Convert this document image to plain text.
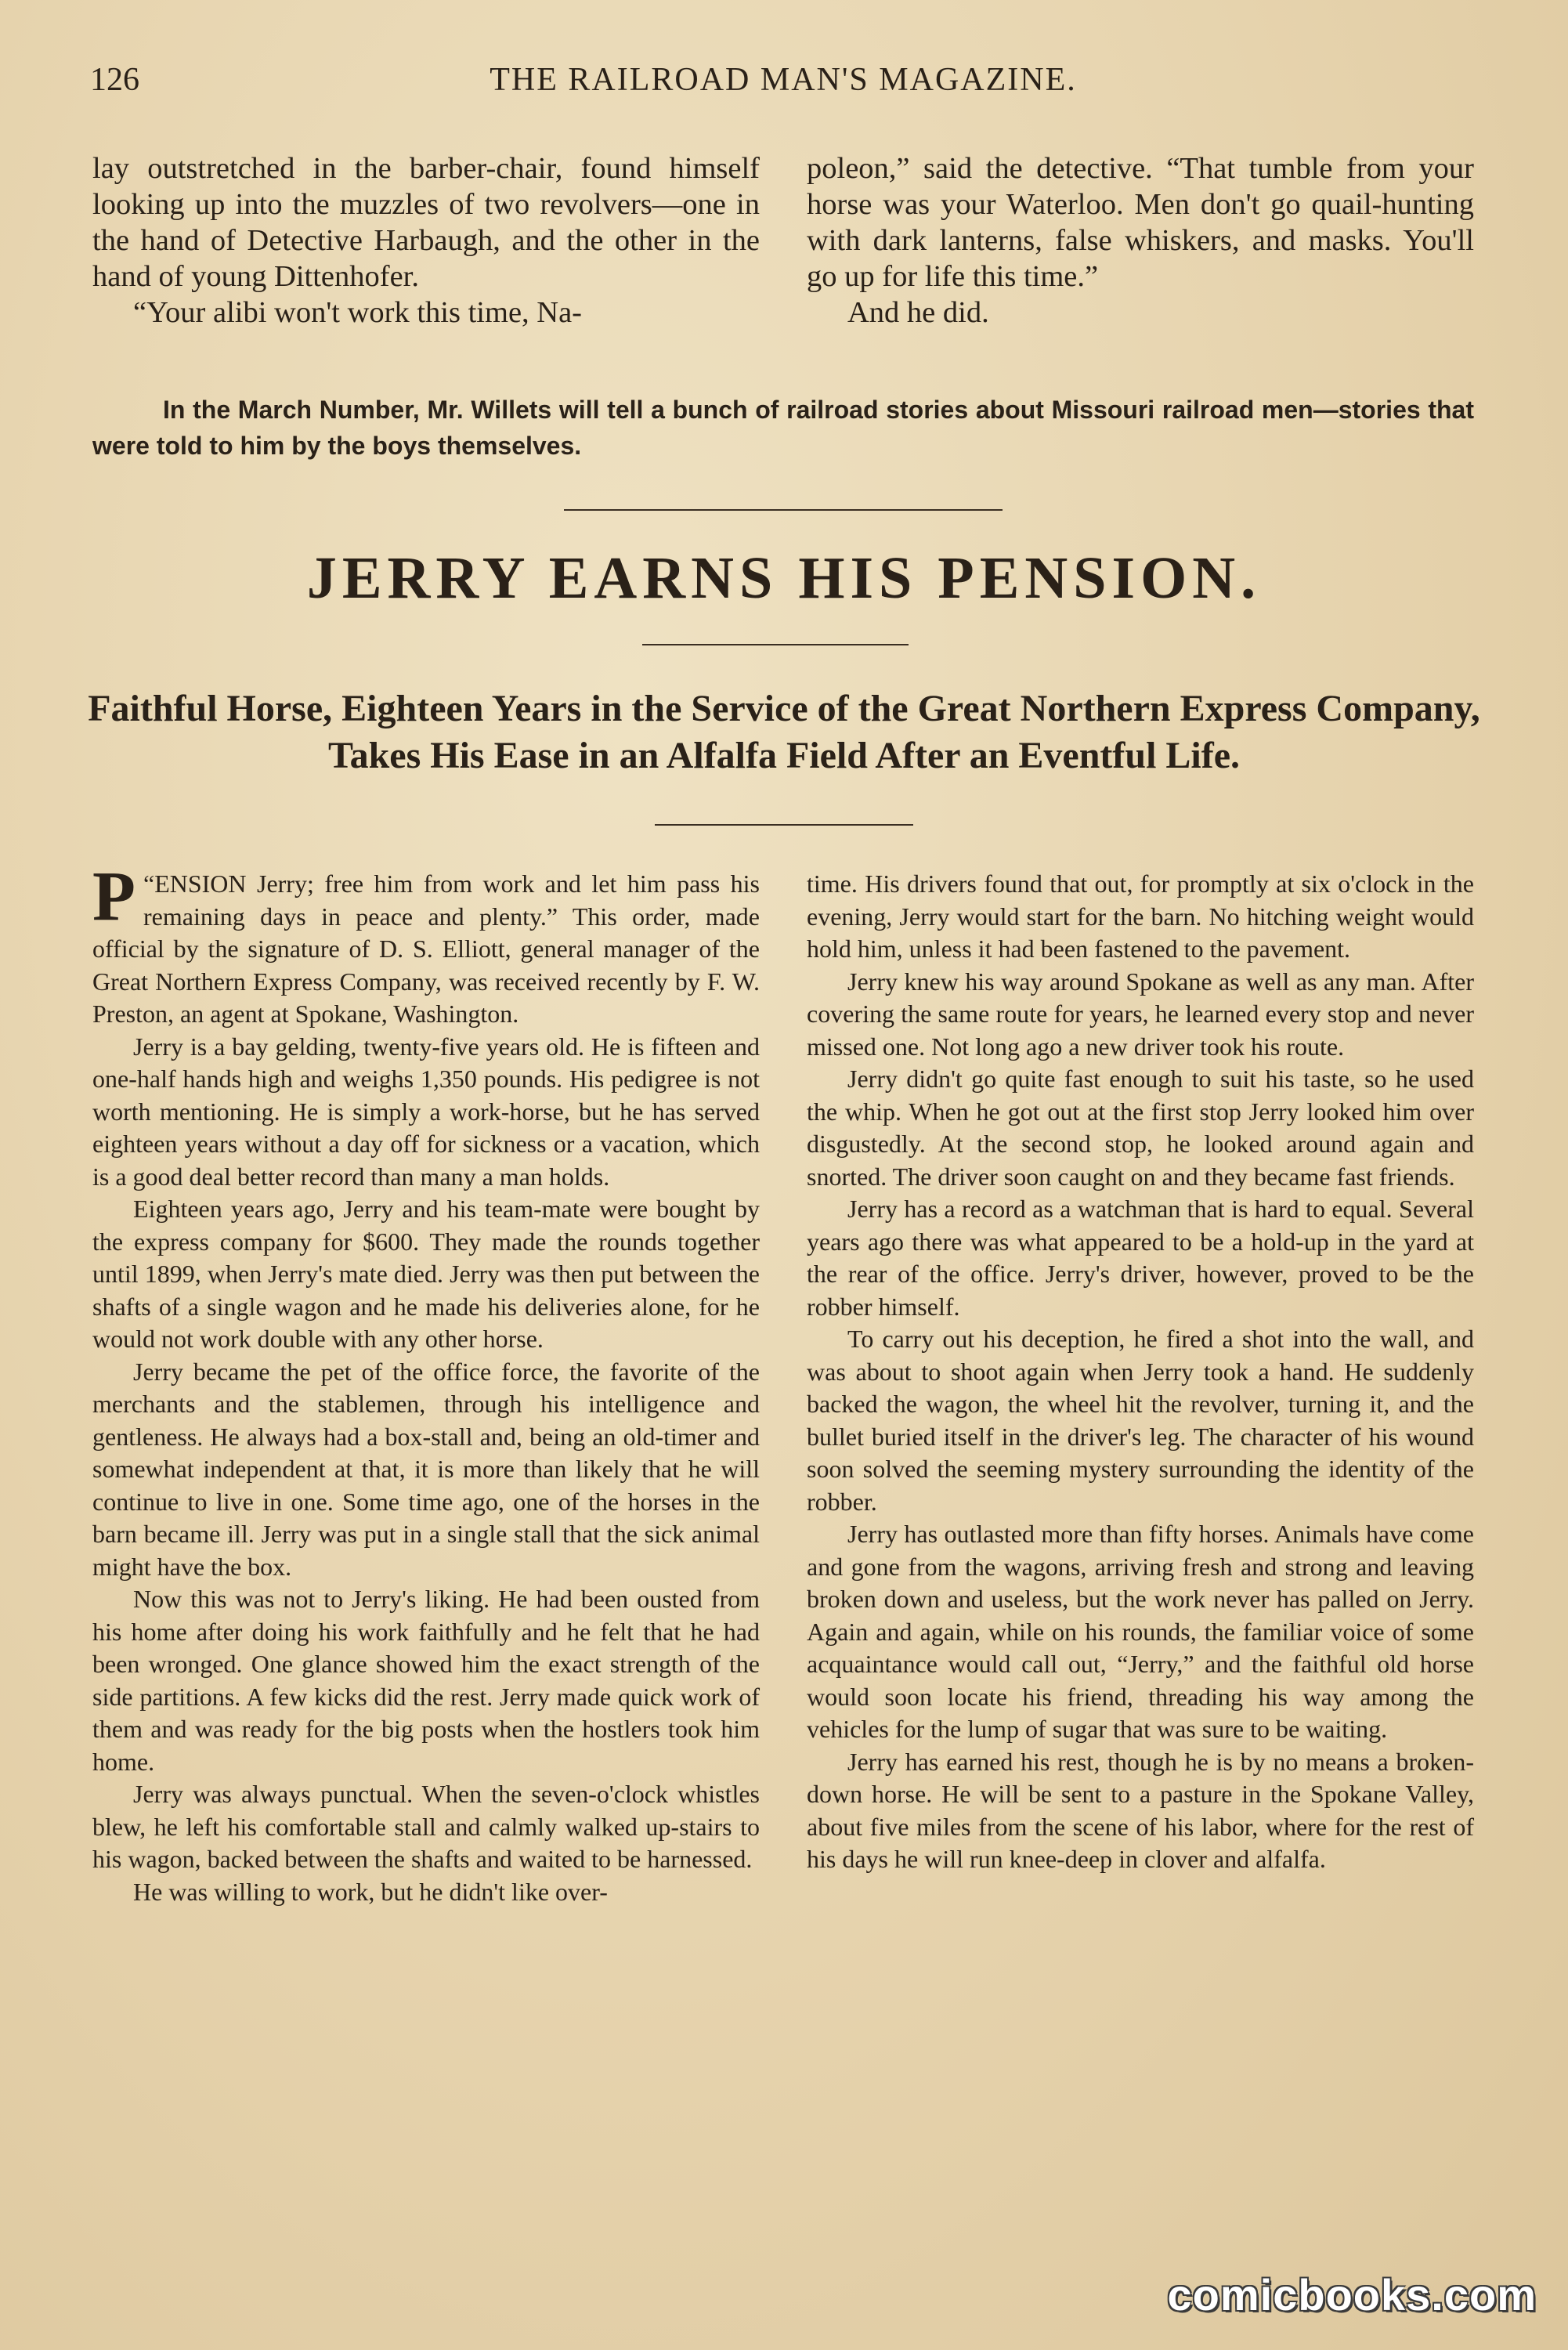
THE RAILROAD MAN'S MAGAZINE.
126

lay outstretched in the barber-chair, found himself looking up into the muzzles of two revolvers—one in the hand of Detective Harbaugh, and the other in the hand of young Dittenhofer.

“Your alibi won't work this time, Na-

poleon,” said the detective. “That tumble from your horse was your Waterloo. Men don't go quail-hunting with dark lanterns, false whiskers, and masks. You'll go up for life this time.”

And he did.

In the March Number, Mr. Willets will tell a bunch of railroad stories about Missouri railroad men—stories that were told to him by the boys themselves.
JERRY EARNS HIS PENSION.
Faithful Horse, Eighteen Years in the Service of the Great Northern Express Company, Takes His Ease in an Alfalfa Field After an Eventful Life.

“
P ENSION Jerry; free him from work and let him pass his remaining days in peace and plenty.” This order, made official by the signature of D. S. Elliott, general manager of the Great Northern Express Company, was received recently by F. W. Preston, an agent at Spokane, Washington.

Jerry is a bay gelding, twenty-five years old. He is fifteen and one-half hands high and weighs 1,350 pounds. His pedigree is not worth mentioning. He is simply a work-horse, but he has served eighteen years without a day off for sickness or a vacation, which is a good deal better record than many a man holds.

Eighteen years ago, Jerry and his team-mate were bought by the express company for $600. They made the rounds together until 1899, when Jerry's mate died. Jerry was then put between the shafts of a single wagon and he made his deliveries alone, for he would not work double with any other horse.

Jerry became the pet of the office force, the favorite of the merchants and the stablemen, through his intelligence and gentleness. He always had a box-stall and, being an old-timer and somewhat independent at that, it is more than likely that he will continue to live in one. Some time ago, one of the horses in the barn became ill. Jerry was put in a single stall that the sick animal might have the box.

Now this was not to Jerry's liking. He had been ousted from his home after doing his work faithfully and he felt that he had been wronged. One glance showed him the exact strength of the side partitions. A few kicks did the rest. Jerry made quick work of them and was ready for the big posts when the hostlers took him home.

Jerry was always punctual. When the seven-o'clock whistles blew, he left his comfortable stall and calmly walked up-stairs to his wagon, backed between the shafts and waited to be harnessed.

He was willing to work, but he didn't like over-

time. His drivers found that out, for promptly at six o'clock in the evening, Jerry would start for the barn. No hitching weight would hold him, unless it had been fastened to the pavement.

Jerry knew his way around Spokane as well as any man. After covering the same route for years, he learned every stop and never missed one. Not long ago a new driver took his route.

Jerry didn't go quite fast enough to suit his taste, so he used the whip. When he got out at the first stop Jerry looked him over disgustedly. At the second stop, he looked around again and snorted. The driver soon caught on and they became fast friends.

Jerry has a record as a watchman that is hard to equal. Several years ago there was what appeared to be a hold-up in the yard at the rear of the office. Jerry's driver, however, proved to be the robber himself.

To carry out his deception, he fired a shot into the wall, and was about to shoot again when Jerry took a hand. He suddenly backed the wagon, the wheel hit the revolver, turning it, and the bullet buried itself in the driver's leg. The character of his wound soon solved the seeming mystery surrounding the identity of the robber.

Jerry has outlasted more than fifty horses. Animals have come and gone from the wagons, arriving fresh and strong and leaving broken down and useless, but the work never has palled on Jerry. Again and again, while on his rounds, the familiar voice of some acquaintance would call out, “Jerry,” and the faithful old horse would soon locate his friend, threading his way among the vehicles for the lump of sugar that was sure to be waiting.

Jerry has earned his rest, though he is by no means a broken-down horse. He will be sent to a pasture in the Spokane Valley, about five miles from the scene of his labor, where for the rest of his days he will run knee-deep in clover and alfalfa.

comicbooks.com
